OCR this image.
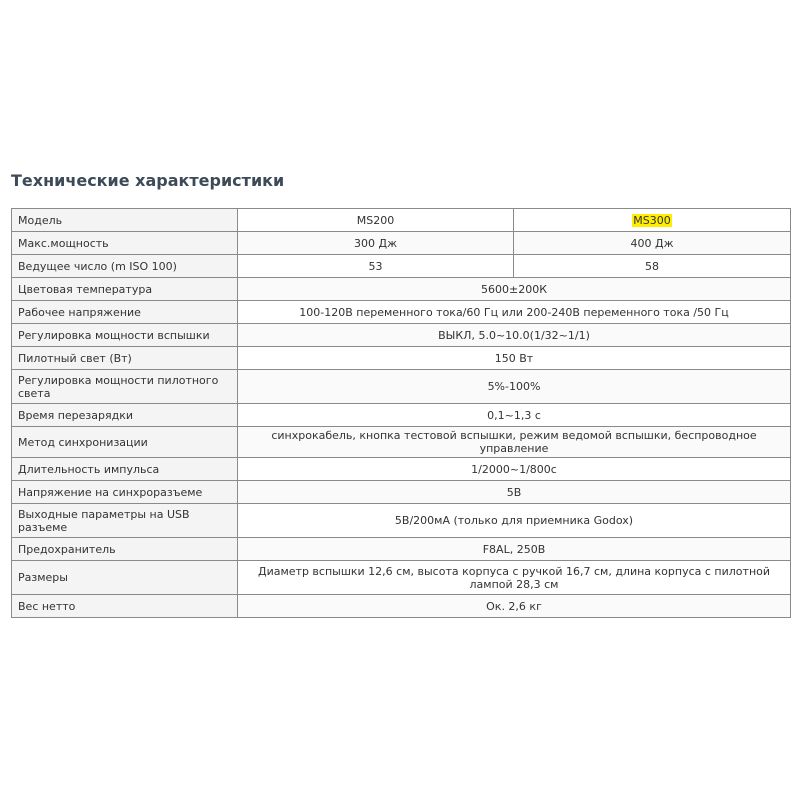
Технические характеристики
Модель	MS200	MS300
Макс.мощность	300 Дж	400 Дж
Ведущее число (m ISO 100)	53	58
Цветовая температура	5600±200К	
Рабочее напряжение	100-120В переменного тока/60 Гц или 200-240В переменного тока /50 Гц	
Регулировка мощности вспышки	ВЫКЛ, 5.0~10.0(1/32~1/1)	
Пилотный свет (Вт)	150 Вт	
Регулировка мощности пилотного света	5%-100%	
Время перезарядки	0,1~1,3 с	
Метод синхронизации	синхрокабель, кнопка тестовой вспышки, режим ведомой вспышки, беспроводное управление	
Длительность импульса	1/2000~1/800с	
Напряжение на синхроразъеме	5В	
Выходные параметры на USB разъеме	5В/200мА (только для приемника Godox)	
Предохранитель	F8AL, 250В	
Размеры	Диаметр вспышки 12,6 см, высота корпуса с ручкой 16,7 см, длина корпуса с пилотной лампой 28,3 см	
Вес нетто	Ок. 2,6 кг	
